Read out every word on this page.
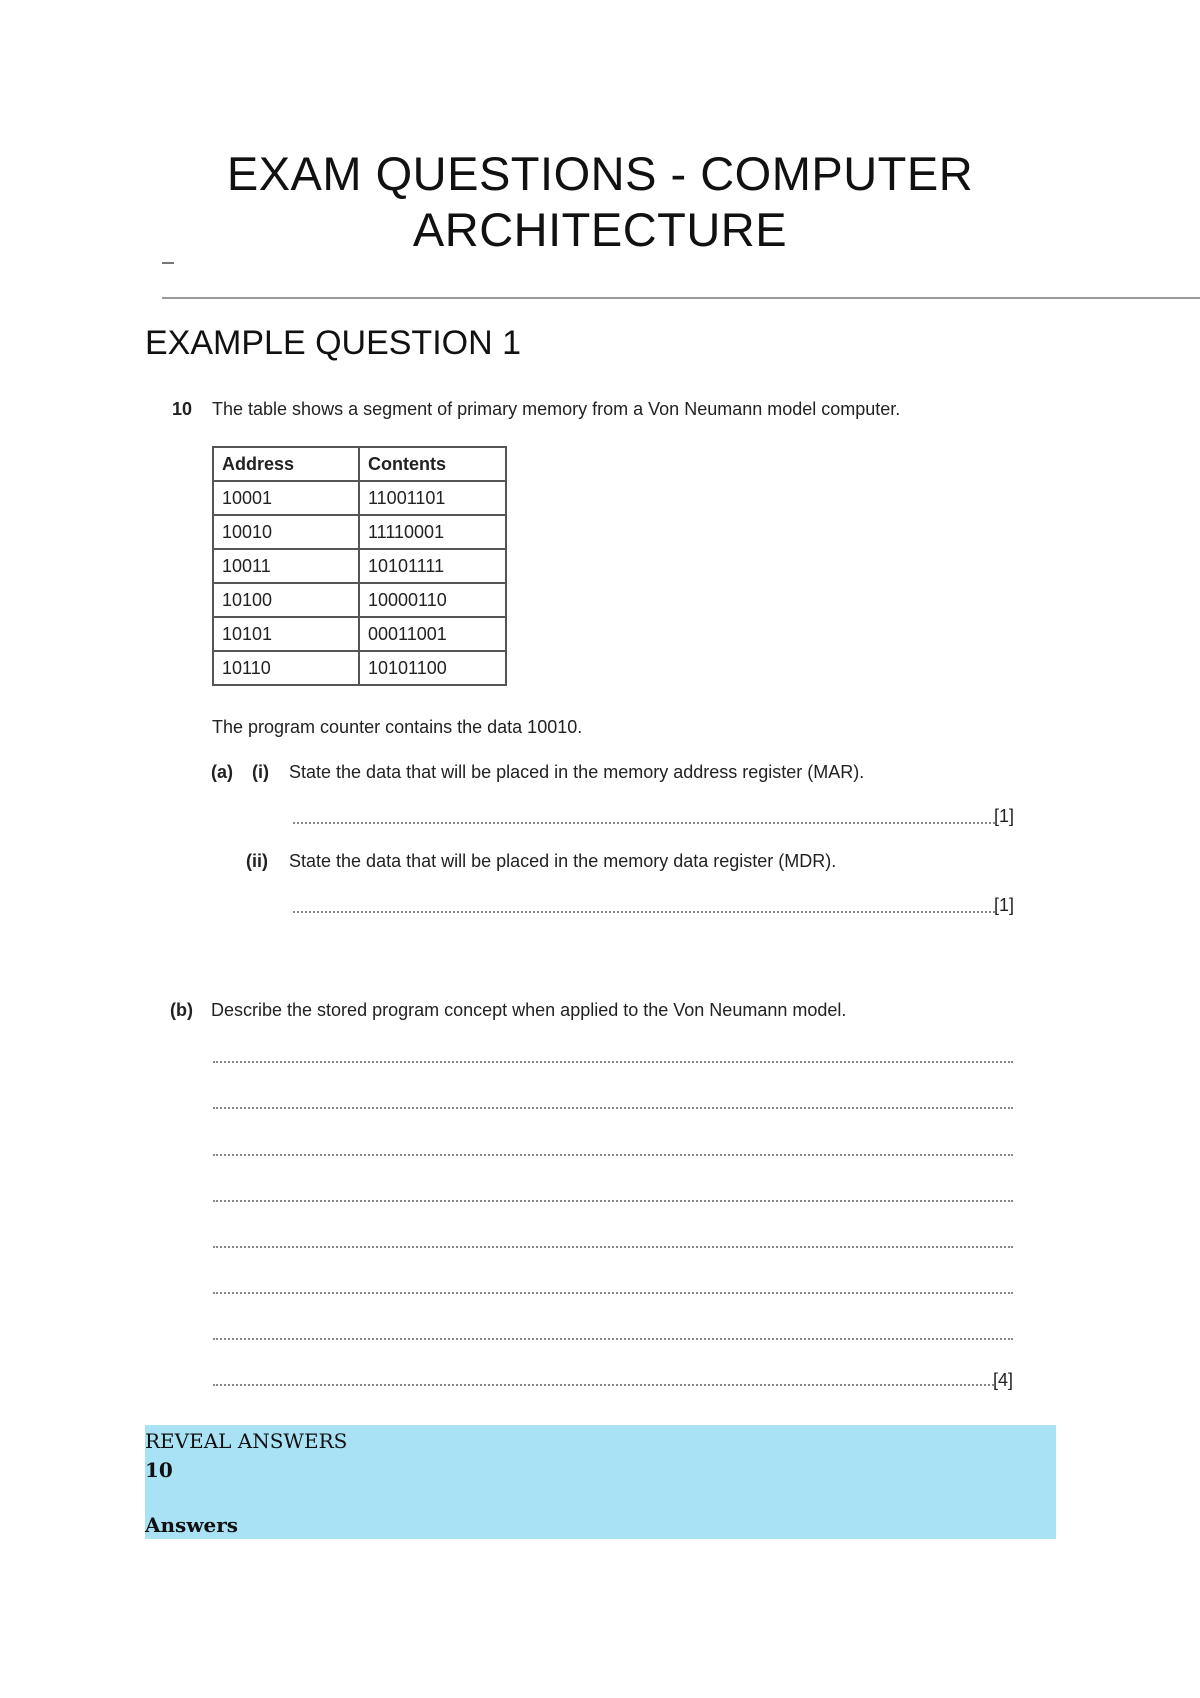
EXAM QUESTIONS - COMPUTER ARCHITECTURE
EXAMPLE QUESTION 1
10 The table shows a segment of primary memory from a Von Neumann model computer.
Address	Contents
10001	11001101
10010	11110001
10011	10101111
10100	10000110
10101	00011001
10110	10101100
The program counter contains the data 10010.
(a) (i) State the data that will be placed in the memory address register (MAR).
[1]
(ii) State the data that will be placed in the memory data register (MDR).
[1]
(b) Describe the stored program concept when applied to the Von Neumann model.
[4]
REVEAL ANSWERS
10
Answers
